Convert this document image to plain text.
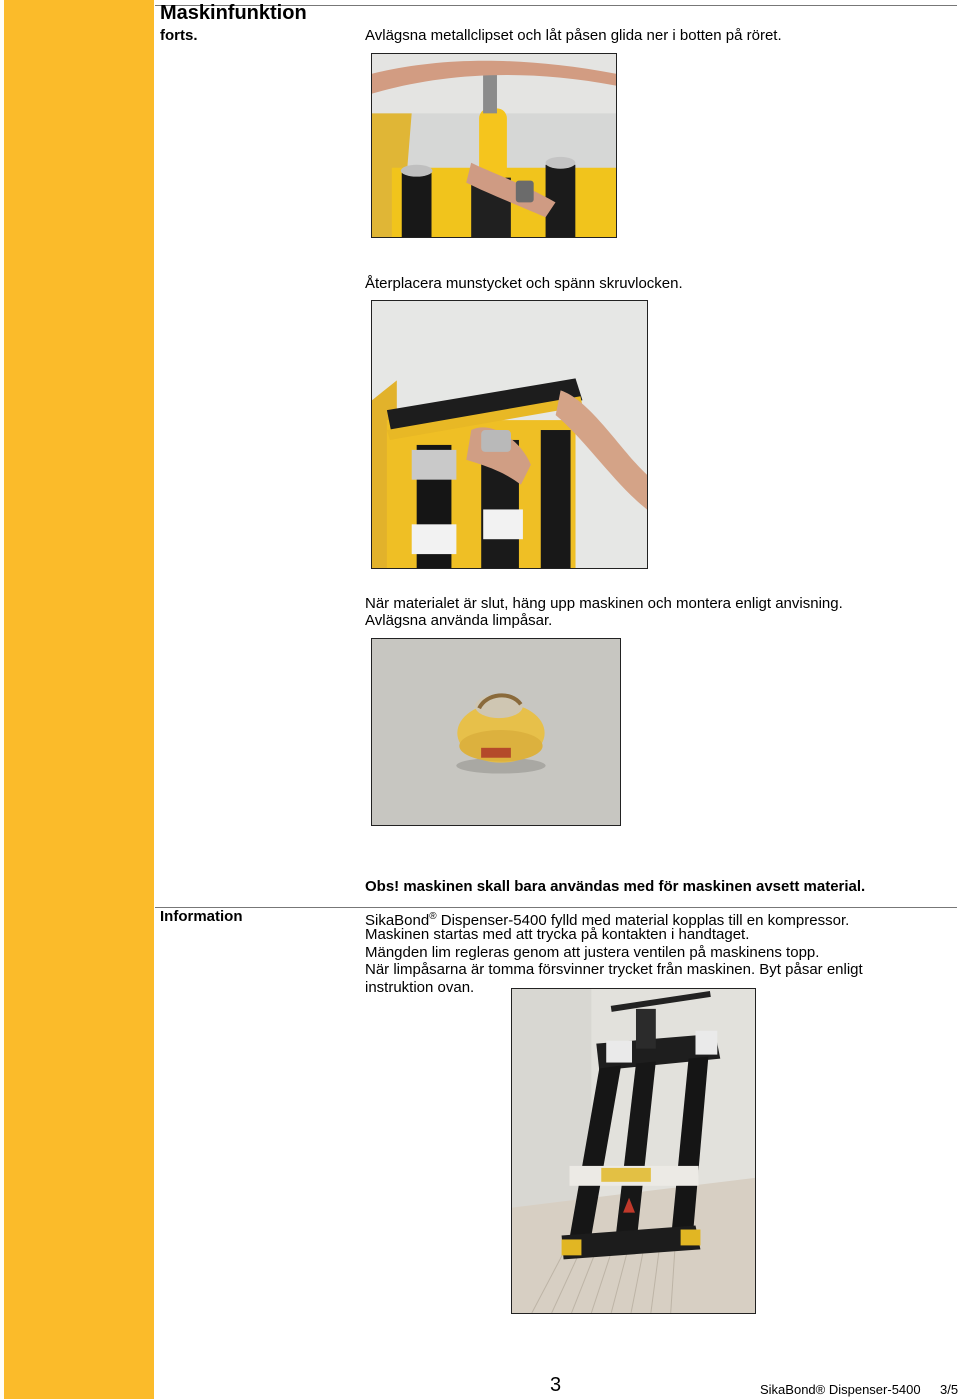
Maskinfunktion
forts.	Avlägsna metallclipset och låt påsen glida ner i botten på röret.

Återplacera munstycket och spänn skruvlocken.

När materialet är slut, häng upp maskinen och montera enligt anvisning.

Avlägsna använda limpåsar.

Obs! maskinen skall bara användas med för maskinen avsett material.

Information	SikaBond® Dispenser-5400 fylld med material kopplas till en kompressor.

Maskinen startas med att trycka på kontakten i handtaget.

Mängden lim regleras genom att justera ventilen på maskinens topp.

När limpåsarna är tomma försvinner trycket från maskinen. Byt påsar enligt

instruktion ovan.

3	SikaBond® Dispenser-5400 3/5
